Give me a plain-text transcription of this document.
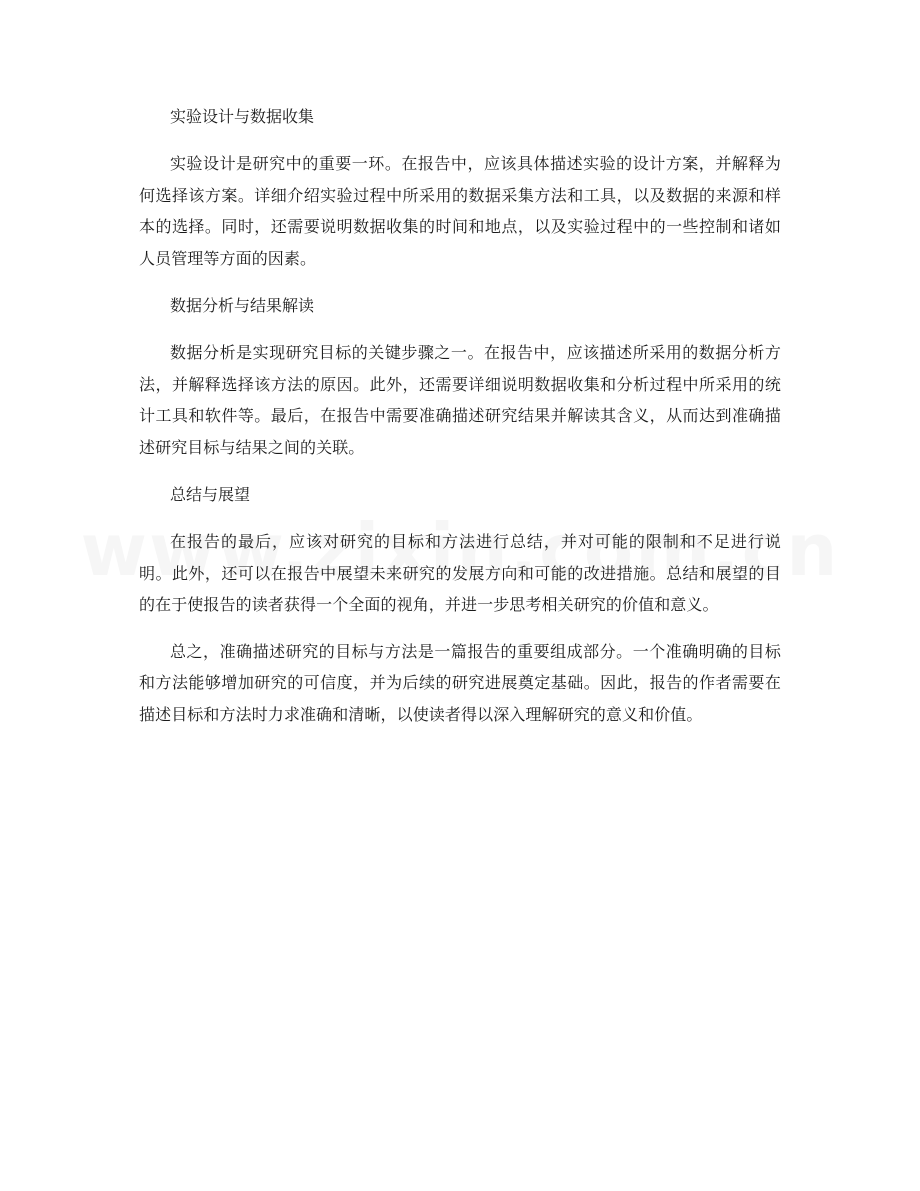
实验设计与数据收集

实验设计是研究中的重要一环。在报告中，应该具体描述实验的设计方案，并解释为何选择该方案。详细介绍实验过程中所采用的数据采集方法和工具，以及数据的来源和样本的选择。同时，还需要说明数据收集的时间和地点，以及实验过程中的一些控制和诸如人员管理等方面的因素。

数据分析与结果解读

数据分析是实现研究目标的关键步骤之一。在报告中，应该描述所采用的数据分析方法，并解释选择该方法的原因。此外，还需要详细说明数据收集和分析过程中所采用的统计工具和软件等。最后，在报告中需要准确描述研究结果并解读其含义，从而达到准确描述研究目标与结果之间的关联。

总结与展望

在报告的最后，应该对研究的目标和方法进行总结，并对可能的限制和不足进行说明。此外，还可以在报告中展望未来研究的发展方向和可能的改进措施。总结和展望的目的在于使报告的读者获得一个全面的视角，并进一步思考相关研究的价值和意义。

总之，准确描述研究的目标与方法是一篇报告的重要组成部分。一个准确明确的目标和方法能够增加研究的可信度，并为后续的研究进展奠定基础。因此，报告的作者需要在描述目标和方法时力求准确和清晰，以使读者得以深入理解研究的意义和价值。
